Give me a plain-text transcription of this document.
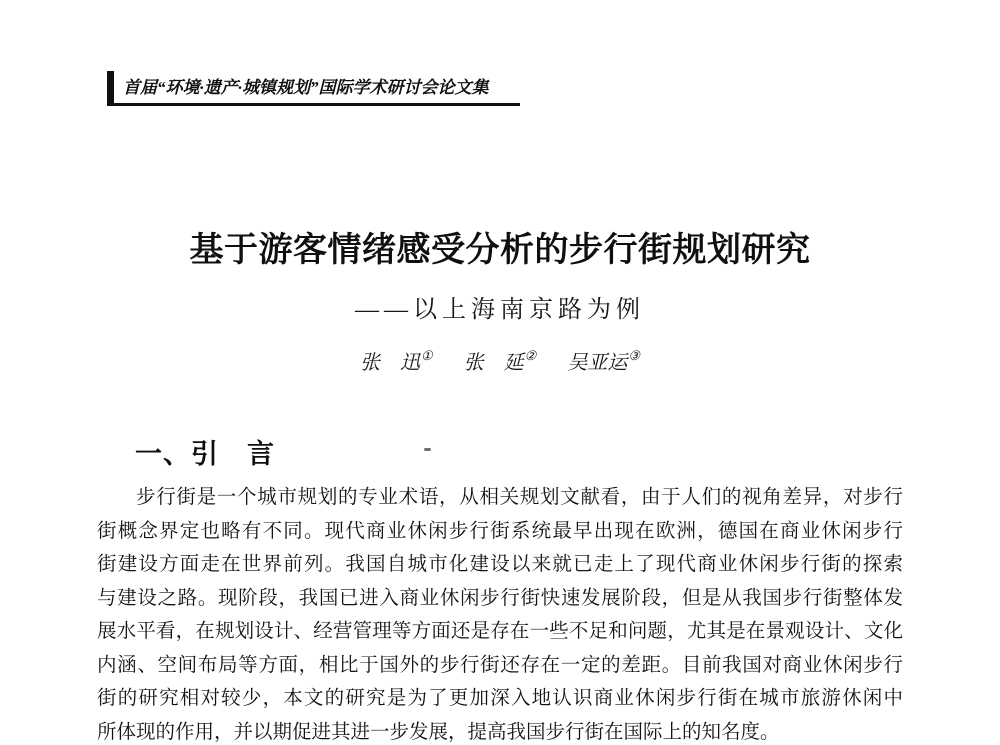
首届“环境·遗产·城镇规划”国际学术研讨会论文集
基于游客情绪感受分析的步行街规划研究
——以上海南京路为例
张　迅① 张　延② 吴亚运③
一、引　言
步行街是一个城市规划的专业术语，从相关规划文献看，由于人们的视角差异，对步行
街概念界定也略有不同。现代商业休闲步行街系统最早出现在欧洲，德国在商业休闲步行
街建设方面走在世界前列。我国自城市化建设以来就已走上了现代商业休闲步行街的探索
与建设之路。现阶段，我国已进入商业休闲步行街快速发展阶段，但是从我国步行街整体发
展水平看，在规划设计、经营管理等方面还是存在一些不足和问题，尤其是在景观设计、文化
内涵、空间布局等方面，相比于国外的步行街还存在一定的差距。目前我国对商业休闲步行
街的研究相对较少，本文的研究是为了更加深入地认识商业休闲步行街在城市旅游休闲中
所体现的作用，并以期促进其进一步发展，提高我国步行街在国际上的知名度。
